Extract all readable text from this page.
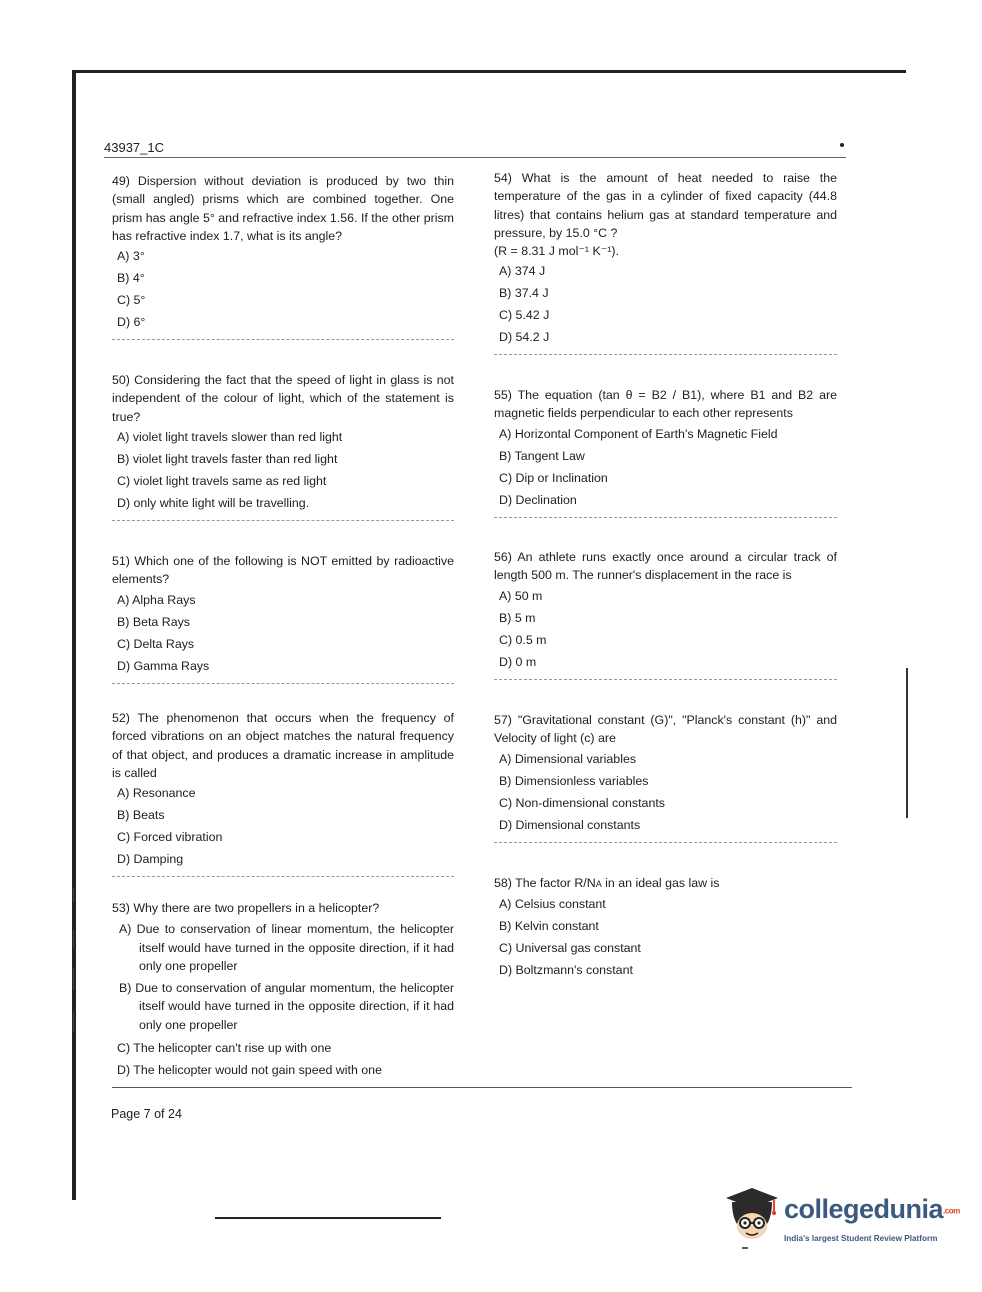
43937_1C
49) Dispersion without deviation is produced by two thin (small angled) prisms which are combined together. One prism has angle 5° and refractive index 1.56. If the other prism has refractive index 1.7, what is its angle?
A) 3°
B) 4°
C) 5°
D) 6°
50) Considering the fact that the speed of light in glass is not independent of the colour of light, which of the statement is true?
A) violet light travels slower than red light
B) violet light travels faster than red light
C) violet light travels same as red light
D) only white light will be travelling.
51) Which one of the following is NOT emitted by radioactive elements?
A) Alpha Rays
B) Beta Rays
C) Delta Rays
D) Gamma Rays
52) The phenomenon that occurs when the frequency of forced vibrations on an object matches the natural frequency of that object, and produces a dramatic increase in amplitude is called
A) Resonance
B) Beats
C) Forced vibration
D) Damping
53) Why there are two propellers in a helicopter?
A) Due to conservation of linear momentum, the helicopter itself would have turned in the opposite direction, if it had only one propeller
B) Due to conservation of angular momentum, the helicopter itself would have turned in the opposite direction, if it had only one propeller
C) The helicopter can't rise up with one
D) The helicopter would not gain speed with one
54) What is the amount of heat needed to raise the temperature of the gas in a cylinder of fixed capacity (44.8 litres) that contains helium gas at standard temperature and pressure, by 15.0 °C ?
(R = 8.31 J mol⁻¹ K⁻¹).
A) 374 J
B) 37.4 J
C) 5.42 J
D) 54.2 J
55) The equation (tan θ = B2 / B1), where B1 and B2 are magnetic fields perpendicular to each other represents
A) Horizontal Component of Earth's Magnetic Field
B) Tangent Law
C) Dip or Inclination
D) Declination
56) An athlete runs exactly once around a circular track of length 500 m. The runner's displacement in the race is
A) 50 m
B) 5 m
C) 0.5 m
D) 0 m
57) "Gravitational constant (G)", "Planck's constant (h)" and Velocity of light (c) are
A) Dimensional variables
B) Dimensionless variables
C) Non-dimensional constants
D) Dimensional constants
58) The factor R/NA in an ideal gas law is
A) Celsius constant
B) Kelvin constant
C) Universal gas constant
D) Boltzmann's constant
Page 7 of 24
collegedunia.com
India's largest Student Review Platform
